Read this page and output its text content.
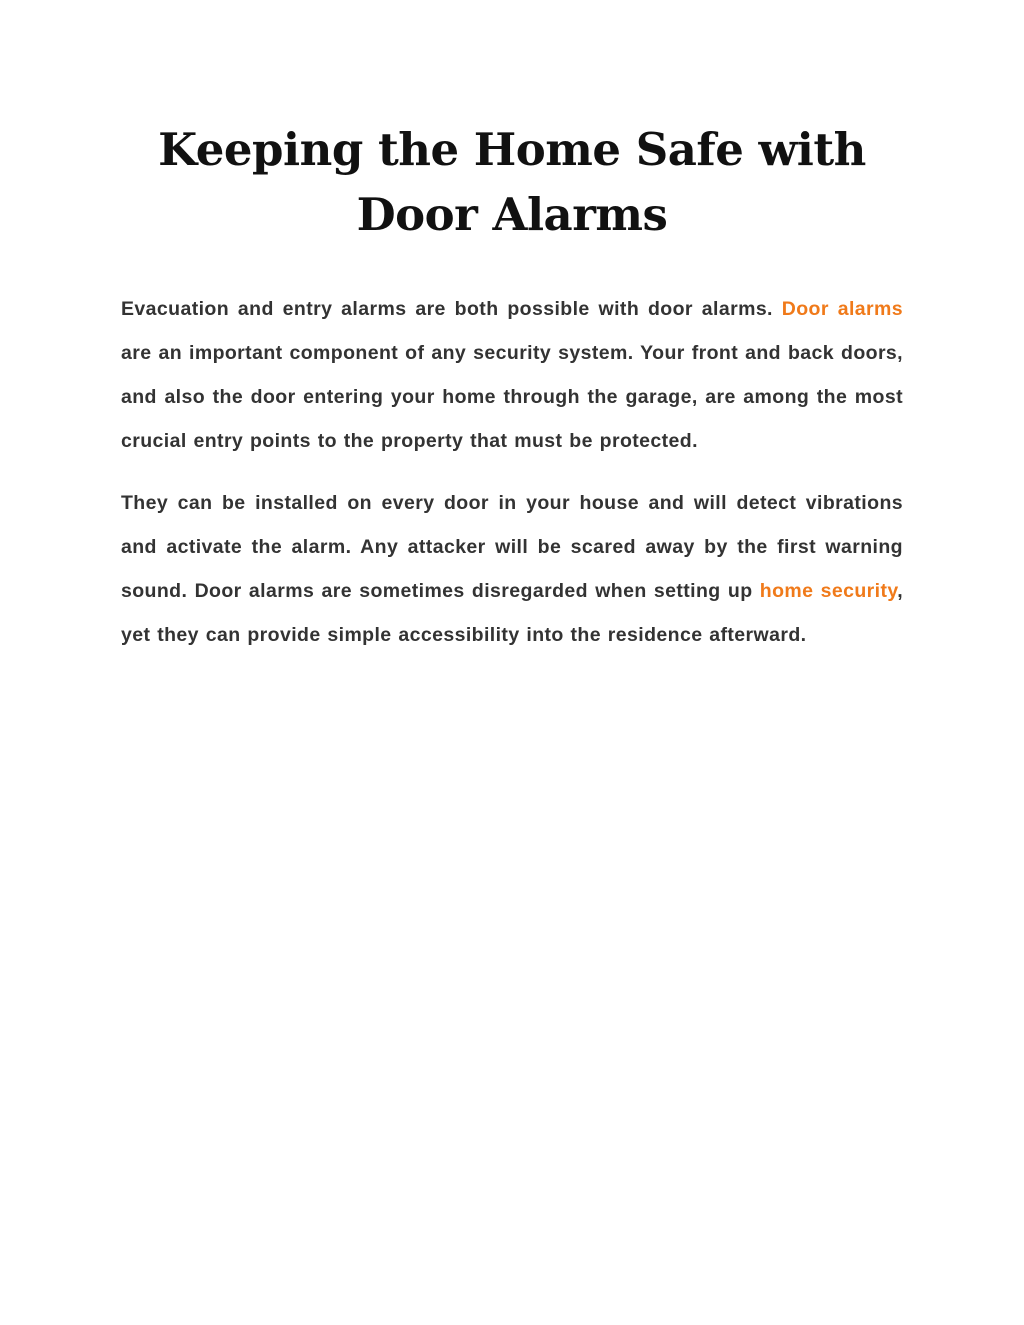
Keeping the Home Safe with
Door Alarms

Evacuation and entry alarms are both possible with door alarms. Door alarms are an important component of any security system. Your front and back doors, and also the door entering your home through the garage, are among the most crucial entry points to the property that must be protected.

They can be installed on every door in your house and will detect vibrations and activate the alarm. Any attacker will be scared away by the first warning sound. Door alarms are sometimes disregarded when setting up home security, yet they can provide simple accessibility into the residence afterward.
